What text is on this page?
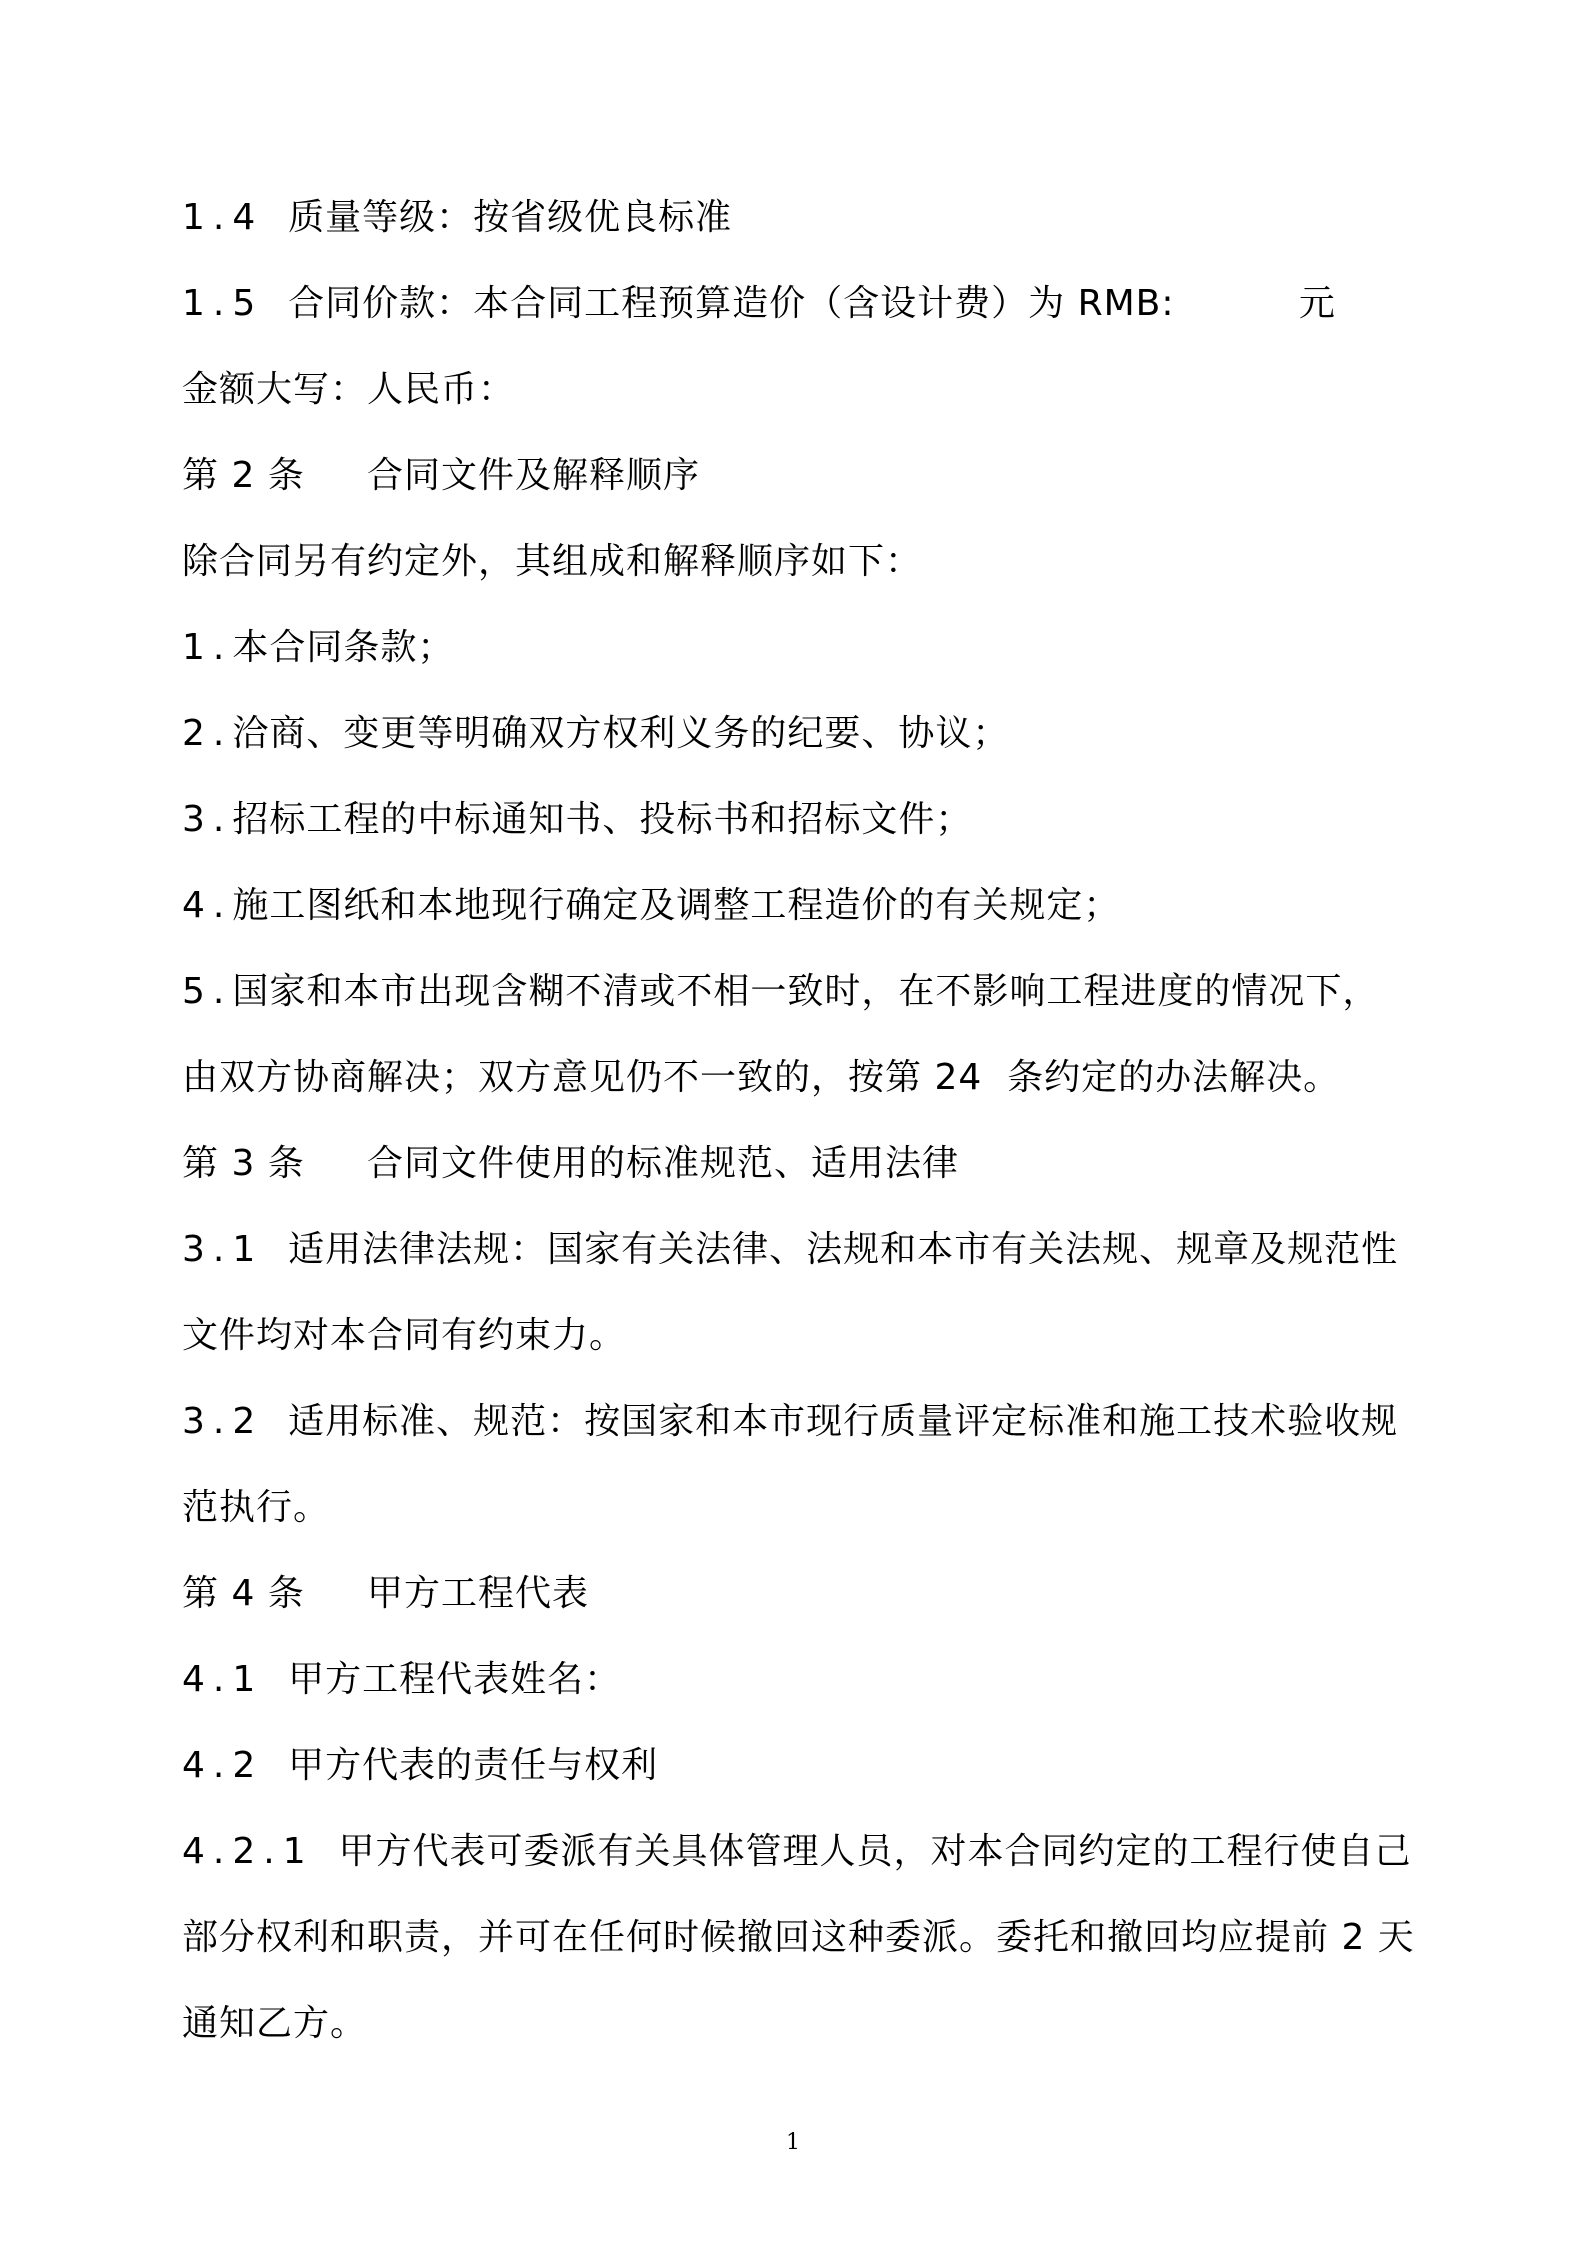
1.4  质量等级：按省级优良标准
1.5  合同价款：本合同工程预算造价（含设计费）为 RMB:          元
金额大写：人民币：
第 2 条     合同文件及解释顺序
除合同另有约定外，其组成和解释顺序如下：
1.本合同条款；
2.洽商、变更等明确双方权利义务的纪要、协议；
3.招标工程的中标通知书、投标书和招标文件；
4.施工图纸和本地现行确定及调整工程造价的有关规定；
5.国家和本市出现含糊不清或不相一致时，在不影响工程进度的情况下，
由双方协商解决；双方意见仍不一致的，按第 24  条约定的办法解决。
第 3 条     合同文件使用的标准规范、适用法律
3.1  适用法律法规：国家有关法律、法规和本市有关法规、规章及规范性
文件均对本合同有约束力。
3.2  适用标准、规范：按国家和本市现行质量评定标准和施工技术验收规
范执行。
第 4 条     甲方工程代表
4.1  甲方工程代表姓名：
4.2  甲方代表的责任与权利
4.2.1  甲方代表可委派有关具体管理人员，对本合同约定的工程行使自己
部分权利和职责，并可在任何时候撤回这种委派。委托和撤回均应提前 2 天
通知乙方。
1
